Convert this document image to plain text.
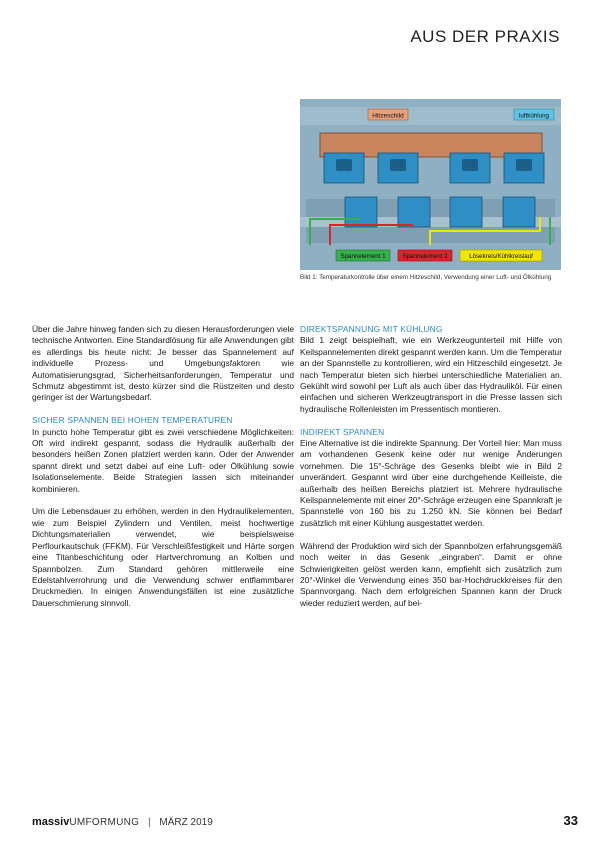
AUS DER PRAXIS
Hitzeschild	luftkühlung
Spannelement 1	Spannelement 2	Lösekreis/Kühlkreislauf
Bild 1: Temperaturkontrolle über einem Hitzeschild, Verwendung einer Luft- und Ölkühlung

Über die Jahre hinweg fanden sich zu diesen Herausforderungen viele technische Antworten. Eine Standardlösung für alle Anwendungen gibt es allerdings bis heute nicht: Je besser das Spannelement auf individuelle Prozess- und Umgebungsfaktoren wie Automatisierungsgrad, Sicherheitsanforderungen, Temperatur und Schmutz abgestimmt ist, desto kürzer sind die Rüstzeiten und desto geringer ist der Wartungsbedarf.

SICHER SPANNEN BEI HOHEN TEMPERATUREN

In puncto hohe Temperatur gibt es zwei verschiedene Möglichkeiten: Oft wird indirekt gespannt, sodass die Hydraulik außerhalb der besonders heißen Zonen platziert werden kann. Oder der Anwender spannt direkt und setzt dabei auf eine Luft- oder Ölkühlung sowie Isolationselemente. Beide Strategien lassen sich miteinander kombinieren.

Um die Lebensdauer zu erhöhen, werden in den Hydraulikelementen, wie zum Beispiel Zylindern und Ventilen, meist hochwertige Dichtungsmaterialien verwendet, wie beispielsweise Perflourkautschuk (FFKM). Für Verschleißfestigkeit und Härte sorgen eine Titanbeschichtung oder Hartverchromung an Kolben und Spannbolzen. Zum Standard gehören mittlerweile eine Edelstahlverrohrung und die Verwendung schwer entflammbarer Druckmedien. In einigen Anwendungsfällen ist eine zusätzliche Dauerschmierung sinnvoll.

DIREKTSPANNUNG MIT KÜHLUNG

Bild 1 zeigt beispielhaft, wie ein Werkzeugunterteil mit Hilfe von Keilspannelementen direkt gespannt werden kann. Um die Temperatur an der Spannstelle zu kontrollieren, wird ein Hitzeschild eingesetzt. Je nach Temperatur bieten sich hierbei unterschiedliche Materialien an. Gekühlt wird sowohl per Luft als auch über das Hydrauliköl. Für einen einfachen und sicheren Werkzeugtransport in die Presse lassen sich hydraulische Rollenleisten im Pressentisch montieren.

INDIREKT SPANNEN

Eine Alternative ist die indirekte Spannung. Der Vorteil hier: Man muss am vorhandenen Gesenk keine oder nur wenige Änderungen vornehmen. Die 15°-Schräge des Gesenks bleibt wie in Bild 2 unverändert. Gespannt wird über eine durchgehende Keilleiste, die außerhalb des heißen Bereichs platziert ist. Mehrere hydraulische Keilspannelemente mit einer 20°-Schräge erzeugen eine Spannkraft je Spannstelle von 160 bis zu 1.250 kN. Sie können bei Bedarf zusätzlich mit einer Kühlung ausgestattet werden.

Während der Produktion wird sich der Spannbolzen erfahrungsgemäß noch weiter in das Gesenk „eingraben“. Damit er ohne Schwierigkeiten gelöst werden kann, empfiehlt sich zusätzlich zum 20°-Winkel die Verwendung eines 350 bar-Hochdruckkreises für den Spannvorgang. Nach dem erfolgreichen Spannen kann der Druck wieder reduziert werden, auf bei-

massivUMFORMUNG | MÄRZ 2019	33
